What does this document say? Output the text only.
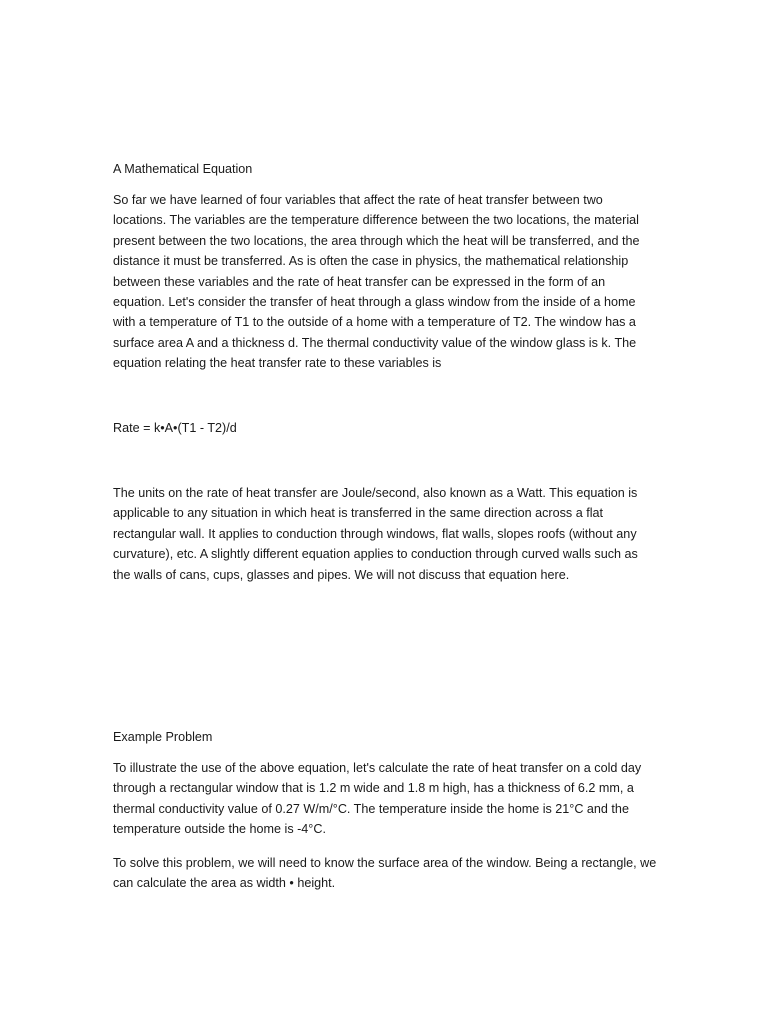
A Mathematical Equation

So far we have learned of four variables that affect the rate of heat transfer between two locations. The variables are the temperature difference between the two locations, the material present between the two locations, the area through which the heat will be transferred, and the distance it must be transferred. As is often the case in physics, the mathematical relationship between these variables and the rate of heat transfer can be expressed in the form of an equation. Let's consider the transfer of heat through a glass window from the inside of a home with a temperature of T1 to the outside of a home with a temperature of T2. The window has a surface area A and a thickness d. The thermal conductivity value of the window glass is k. The equation relating the heat transfer rate to these variables is

Rate = k•A•(T1 - T2)/d

The units on the rate of heat transfer are Joule/second, also known as a Watt. This equation is applicable to any situation in which heat is transferred in the same direction across a flat rectangular wall. It applies to conduction through windows, flat walls, slopes roofs (without any curvature), etc. A slightly different equation applies to conduction through curved walls such as the walls of cans, cups, glasses and pipes. We will not discuss that equation here.

Example Problem

To illustrate the use of the above equation, let's calculate the rate of heat transfer on a cold day through a rectangular window that is 1.2 m wide and 1.8 m high, has a thickness of 6.2 mm, a thermal conductivity value of 0.27 W/m/°C. The temperature inside the home is 21°C and the temperature outside the home is -4°C.

To solve this problem, we will need to know the surface area of the window. Being a rectangle, we can calculate the area as width • height.
